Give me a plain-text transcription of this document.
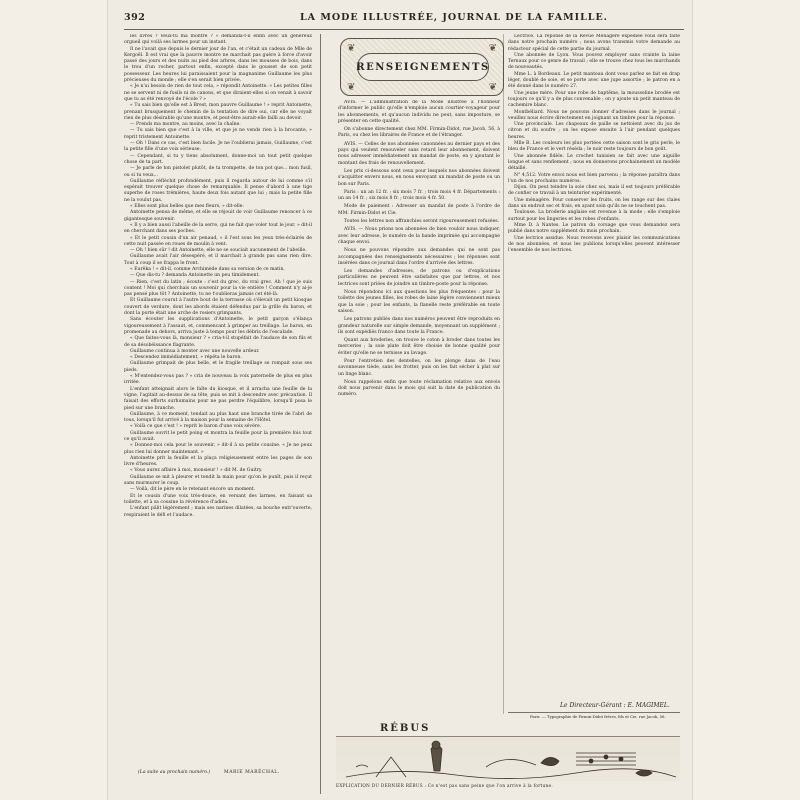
392	LA MODE ILLUSTRÉE, JOURNAL DE LA FAMILLE.

les livres ? Veux-tu ma montre ? » demanda-t-il enfin avec un généreux orgueil qui voilà ses larmes pour un instant.

Il ne l'avait que depuis le dernier jour de l'an, et c'était un cadeau de Mlle de Kergoël. Il est vrai que la pauvre montre ne marchait pas guère à force d'avoir passé des jours et des nuits au pied des arbres, dans les mousses de bois, dans le trou d'un rocher, partout enfin, excepté dans le gousset de son petit possesseur. Les heures lui paraissaient pour la magnanime Guillaume les plus précieuses du monde ; elle s'en serait bien privée.

« Je n'ai besoin de rien de tout cela, » répondit Antoinette. « Les petites filles ne se servent ni de fusils ni de canons, et que diraient-elles si on venait à savoir que tu as été renvoyé de l'école ? »

« Tu sais bien qu'elle est à Brest, mon pauvre Guillaume ! » reprit Antoinette, prenant brusquement le chemin de la tentation de dire oui, car elle ne voyait rien de plus désirable qu'une montre, et peut-être aurait-elle failli au devoir.

— Prends ma montre, au moins, avec la chaîne.

— Tu sais bien que c'est à la ville, et que je ne vends rien à la brocante, » reprit tristement Antoinette.

— Oh ! Dans ce cas, c'est bien facile. Je ne l'oublierai jamais, Guillaume, c'est la petite fille d'une voix sérieuse.

— Cependant, si tu y tiens absolument, donne-moi un tout petit quelque chose de ta part.

— Je parle de ton pistolet plutôt, de ta trompette, de ton pot que... mon fusil, ou si tu veux...

Guillaume réfléchit profondément, puis il regarda autour de lui comme s'il espérait trouver quelque chose de remarquable. Il pense d'abord à une tige superbe de roses trémières, haute deux fois autant que lui ; mais la petite fille ne la voulut pas.

« Elles sont plus belles que mes fleurs, » dit-elle.

Antoinette pensa de même, et elle se réjouit de voir Guillaume renoncer à ce gigantesque souvenir.

« Il y a bien aussi l'abeille de la serre, qui ne fait que voler tout le jour, » dit-il en cherchant dans ses poches.

« Et le petit cousin d'un air penaud, » il l'est sous les yeux très-éclairés de cette nuit passée en roues de moulin à vent.

— Oh ! bien sûr ! dit Antoinette, elle ne se souciait aucunement de l'abeille.

Guillaume avait l'air désespéré, et il marchait à grands pas sans rien dire. Tout à coup il se frappa le front.

« Eurêka ! » dit-il, comme Archimède dans sa version de ce matin.

— Que dis-tu ? demanda Antoinette un peu timidement.

— Rien, c'est du latin ; écoute : c'est du grec, du vrai grec. Ah ! que je suis content ! Moi qui cherchais un souvenir pour la vie entière ! Comment n'y ai-je pas pensé plus tôt ? Antoinette, tu ne t'oublieras jamais cet été-là.

Et Guillaume courut à l'autre bout de la terrasse où s'élevait un petit kiosque couvert de verdure, dont les abords étaient défendus par la grille du baron, et dont la porte était une arche de rosiers grimpants.

Sans écouter les supplications d'Antoinette, le petit garçon s'élança vigoureusement à l'assaut, et, commencant à grimper au treillage. Le baron, en promenade au dehors, arriva juste à temps pour les débris de l'escalade.

« Que faites-vous là, monsieur ? » cria-t-il stupéfait de l'audace de son fils et de sa désobéissance flagrante.

Guillaume continua à monter avec une nouvelle ardeur.

« Descendez immédiatement, » répéta le baron.

Guillaume grimpait de plus belle, et le fragile treillage se rompait sous ses pieds.

« M'entendez-vous pas ? » cria de nouveau la voix paternelle de plus en plus irritée.

L'enfant atteignait alors le faîte du kiosque, et il arracha une feuille de la vigne, l'agitait au-dessus de sa tête, puis se mit à descendre avec précaution. Il faisait des efforts surhumains pour ne pas perdre l'équilibre, lorsqu'il posa le pied sur une branche.

Guillaume, à ce moment, tendait au plus haut une branche tirée de l'abri de tous, lorsqu'il fut arrivé à la maison pour la semaine de l'Hôtel.

« Voilà ce que c'est ! » reprit le baron d'une voix sévère.

Guillaume ouvrit le petit poing et montra la feuille pour la première fois tout ce qu'il avait.

« Donnez-moi cela pour le souvenir, » dit-il à sa petite cousine. « Je ne peux plus rien lui donner maintenant. »

Antoinette prit la feuille et la plaça religieusement entre les pages de son livre d'heures.

« Vous aurez affaire à moi, monsieur ! » dit M. de Guitry.

Guillaume se mit à pleurer et tendit la main pour qu'on le punît, puis il reçut sans murmurer le coup.

— Voilà, dit le père en le retenant encore un moment.

Et le cousin d'une voix très-douce, en versant des larmes, en faisant sa toilette, et à sa cousine la révérence d'adieu.

L'enfant pâlit légèrement ; mais ses narines dilatées, sa bouche entr'ouverte, respiraient le défi et l'audace.

(La suite au prochain numéro.)	MARIE MARÉCHAL.
❦	❦
❦	❦
RENSEIGNEMENTS

AVIS. — L'administration de la Mode illustrée a l'honneur d'informer le public qu'elle n'emploie aucun courtier-voyageur pour les abonnements, et qu'aucun individu ne peut, sans imposture, se présenter en cette qualité.

On s'abonne directement chez MM. Firmin-Didot, rue Jacob, 56, à Paris, ou chez les libraires de France et de l'étranger.

AVIS. — Celles de nos abonnées canonnées au dernier pays et des pays qui veulent renouveler sans retard leur abonnement, doivent nous adresser immédiatement un mandat de poste, en y ajoutant le montant des frais de renouvellement.

Les prix ci-dessous sont ceux pour lesquels nos abonnées doivent s'acquitter envers nous, en nous envoyant un mandat de poste ou un bon sur Paris.

Paris : un an 12 fr. ; six mois 7 fr. ; trois mois 4 fr. Départements : un an 14 fr. ; six mois 8 fr. ; trois mois 4 fr. 50.

Mode de paiement : Adresser un mandat de poste à l'ordre de MM. Firmin-Didot et Cie.

Toutes les lettres non affranchies seront rigoureusement refusées.

AVIS. — Nous prions nos abonnées de bien vouloir nous indiquer, avec leur adresse, le numéro de la bande imprimée qui accompagne chaque envoi.

Nous ne pouvons répondre aux demandes qui ne sont pas accompagnées des renseignements nécessaires ; les réponses sont insérées dans ce journal dans l'ordre d'arrivée des lettres.

Les demandes d'adresses, de patrons ou d'explications particulières ne peuvent être satisfaites que par lettres, et nos lectrices sont priées de joindre un timbre-poste pour la réponse.

Nous répondons ici aux questions les plus fréquentes : pour la toilette des jeunes filles, les robes de laine légère conviennent mieux que la soie ; pour les enfants, la flanelle reste préférable en toute saison.

Les patrons publiés dans nos numéros peuvent être reproduits en grandeur naturelle sur simple demande, moyennant un supplément ; ils sont expédiés franco dans toute la France.

Quant aux broderies, on trouve le coton à broder dans toutes les merceries ; la soie plate doit être choisie de bonne qualité pour éviter qu'elle ne se ternisse au lavage.

Pour l'entretien des dentelles, on les plonge dans de l'eau savonneuse tiède, sans les frotter, puis on les fait sécher à plat sur un linge blanc.

Nous rappelons enfin que toute réclamation relative aux envois doit nous parvenir dans le mois qui suit la date de publication du numéro.

Lectrice. La réponse de la Revue Ménagère expédiée vous sera faite dans notre prochain numéro ; nous avons transmis votre demande au rédacteur spécial de cette partie du journal.

Une abonnée de Lyon. Vous pouvez employer sans crainte la laine Ternaux pour ce genre de travail ; elle se trouve chez tous les marchands de nouveautés.

Mme L. à Bordeaux. Le petit manteau dont vous parlez se fait en drap léger, doublé de soie, et se porte avec une jupe assortie ; le patron en a été donné dans le numéro 27.

Une jeune mère. Pour une robe de baptême, la mousseline brodée est toujours ce qu'il y a de plus convenable ; on y ajoute un petit manteau de cachemire blanc.

Montbéliard. Nous ne pouvons donner d'adresses dans le journal ; veuillez nous écrire directement en joignant un timbre pour la réponse.

Une provinciale. Les chapeaux de paille se nettoient avec du jus de citron et du soufre ; on les expose ensuite à l'air pendant quelques heures.

Mlle B. Les couleurs les plus portées cette saison sont le gris perle, le bleu de France et le vert réséda ; le noir reste toujours de bon goût.

Une abonnée fidèle. Le crochet tunisien se fait avec une aiguille longue et sans renflement ; nous en donnerons prochainement un modèle détaillé.

N° 4,512. Votre envoi nous est bien parvenu ; la réponse paraîtra dans l'un de nos prochains numéros.

Dijon. On peut teindre la soie chez soi, mais il est toujours préférable de confier ce travail à un teinturier expérimenté.

Une ménagère. Pour conserver les fruits, on les range sur des claies dans un endroit sec et frais, en ayant soin qu'ils ne se touchent pas.

Toulouse. La broderie anglaise est revenue à la mode ; elle s'emploie surtout pour les lingeries et les robes d'enfants.

Mme D. à Nantes. Le patron du corsage que vous demandez sera publié dans notre supplément du mois prochain.

Une lectrice assidue. Nous recevons avec plaisir les communications de nos abonnées, et nous les publions lorsqu'elles peuvent intéresser l'ensemble de nos lectrices.

Le Directeur-Gérant : E. MAGIMEL.
Paris. — Typographie de Firmin-Didot frères, fils et Cie, rue Jacob, 56.
RÉBUS
EXPLICATION DU DERNIER RÉBUS : Ce n'est pas sans peine que l'on arrive à la fortune.
